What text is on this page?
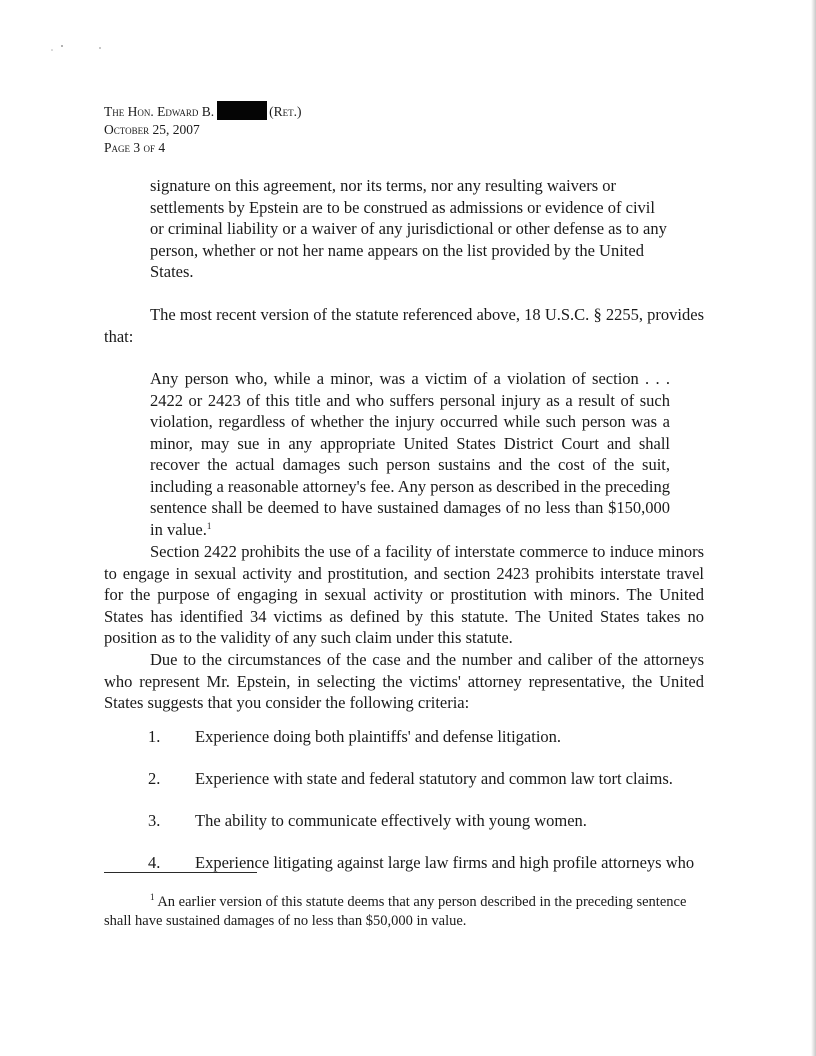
The Hon. Edward B.	(Ret.)
October 25, 2007
Page 3 of 4
signature on this agreement, nor its terms, nor any resulting waivers or settlements by Epstein are to be construed as admissions or evidence of civil or criminal liability or a waiver of any jurisdictional or other defense as to any person, whether or not her name appears on the list provided by the United States.
The most recent version of the statute referenced above, 18 U.S.C. § 2255, provides that:
Any person who, while a minor, was a victim of a violation of section . . . 2422 or 2423 of this title and who suffers personal injury as a result of such violation, regardless of whether the injury occurred while such person was a minor, may sue in any appropriate United States District Court and shall recover the actual damages such person sustains and the cost of the suit, including a reasonable attorney's fee. Any person as described in the preceding sentence shall be deemed to have sustained damages of no less than $150,000 in value.$^1$
Section 2422 prohibits the use of a facility of interstate commerce to induce minors to engage in sexual activity and prostitution, and section 2423 prohibits interstate travel for the purpose of engaging in sexual activity or prostitution with minors. The United States has identified 34 victims as defined by this statute. The United States takes no position as to the validity of any such claim under this statute.
Due to the circumstances of the case and the number and caliber of the attorneys who represent Mr. Epstein, in selecting the victims' attorney representative, the United States suggests that you consider the following criteria:
1. Experience doing both plaintiffs' and defense litigation.
2. Experience with state and federal statutory and common law tort claims.
3. The ability to communicate effectively with young women.
4. Experience litigating against large law firms and high profile attorneys who
$^1$ An earlier version of this statute deems that any person described in the preceding sentence shall have sustained damages of no less than $50,000 in value.
